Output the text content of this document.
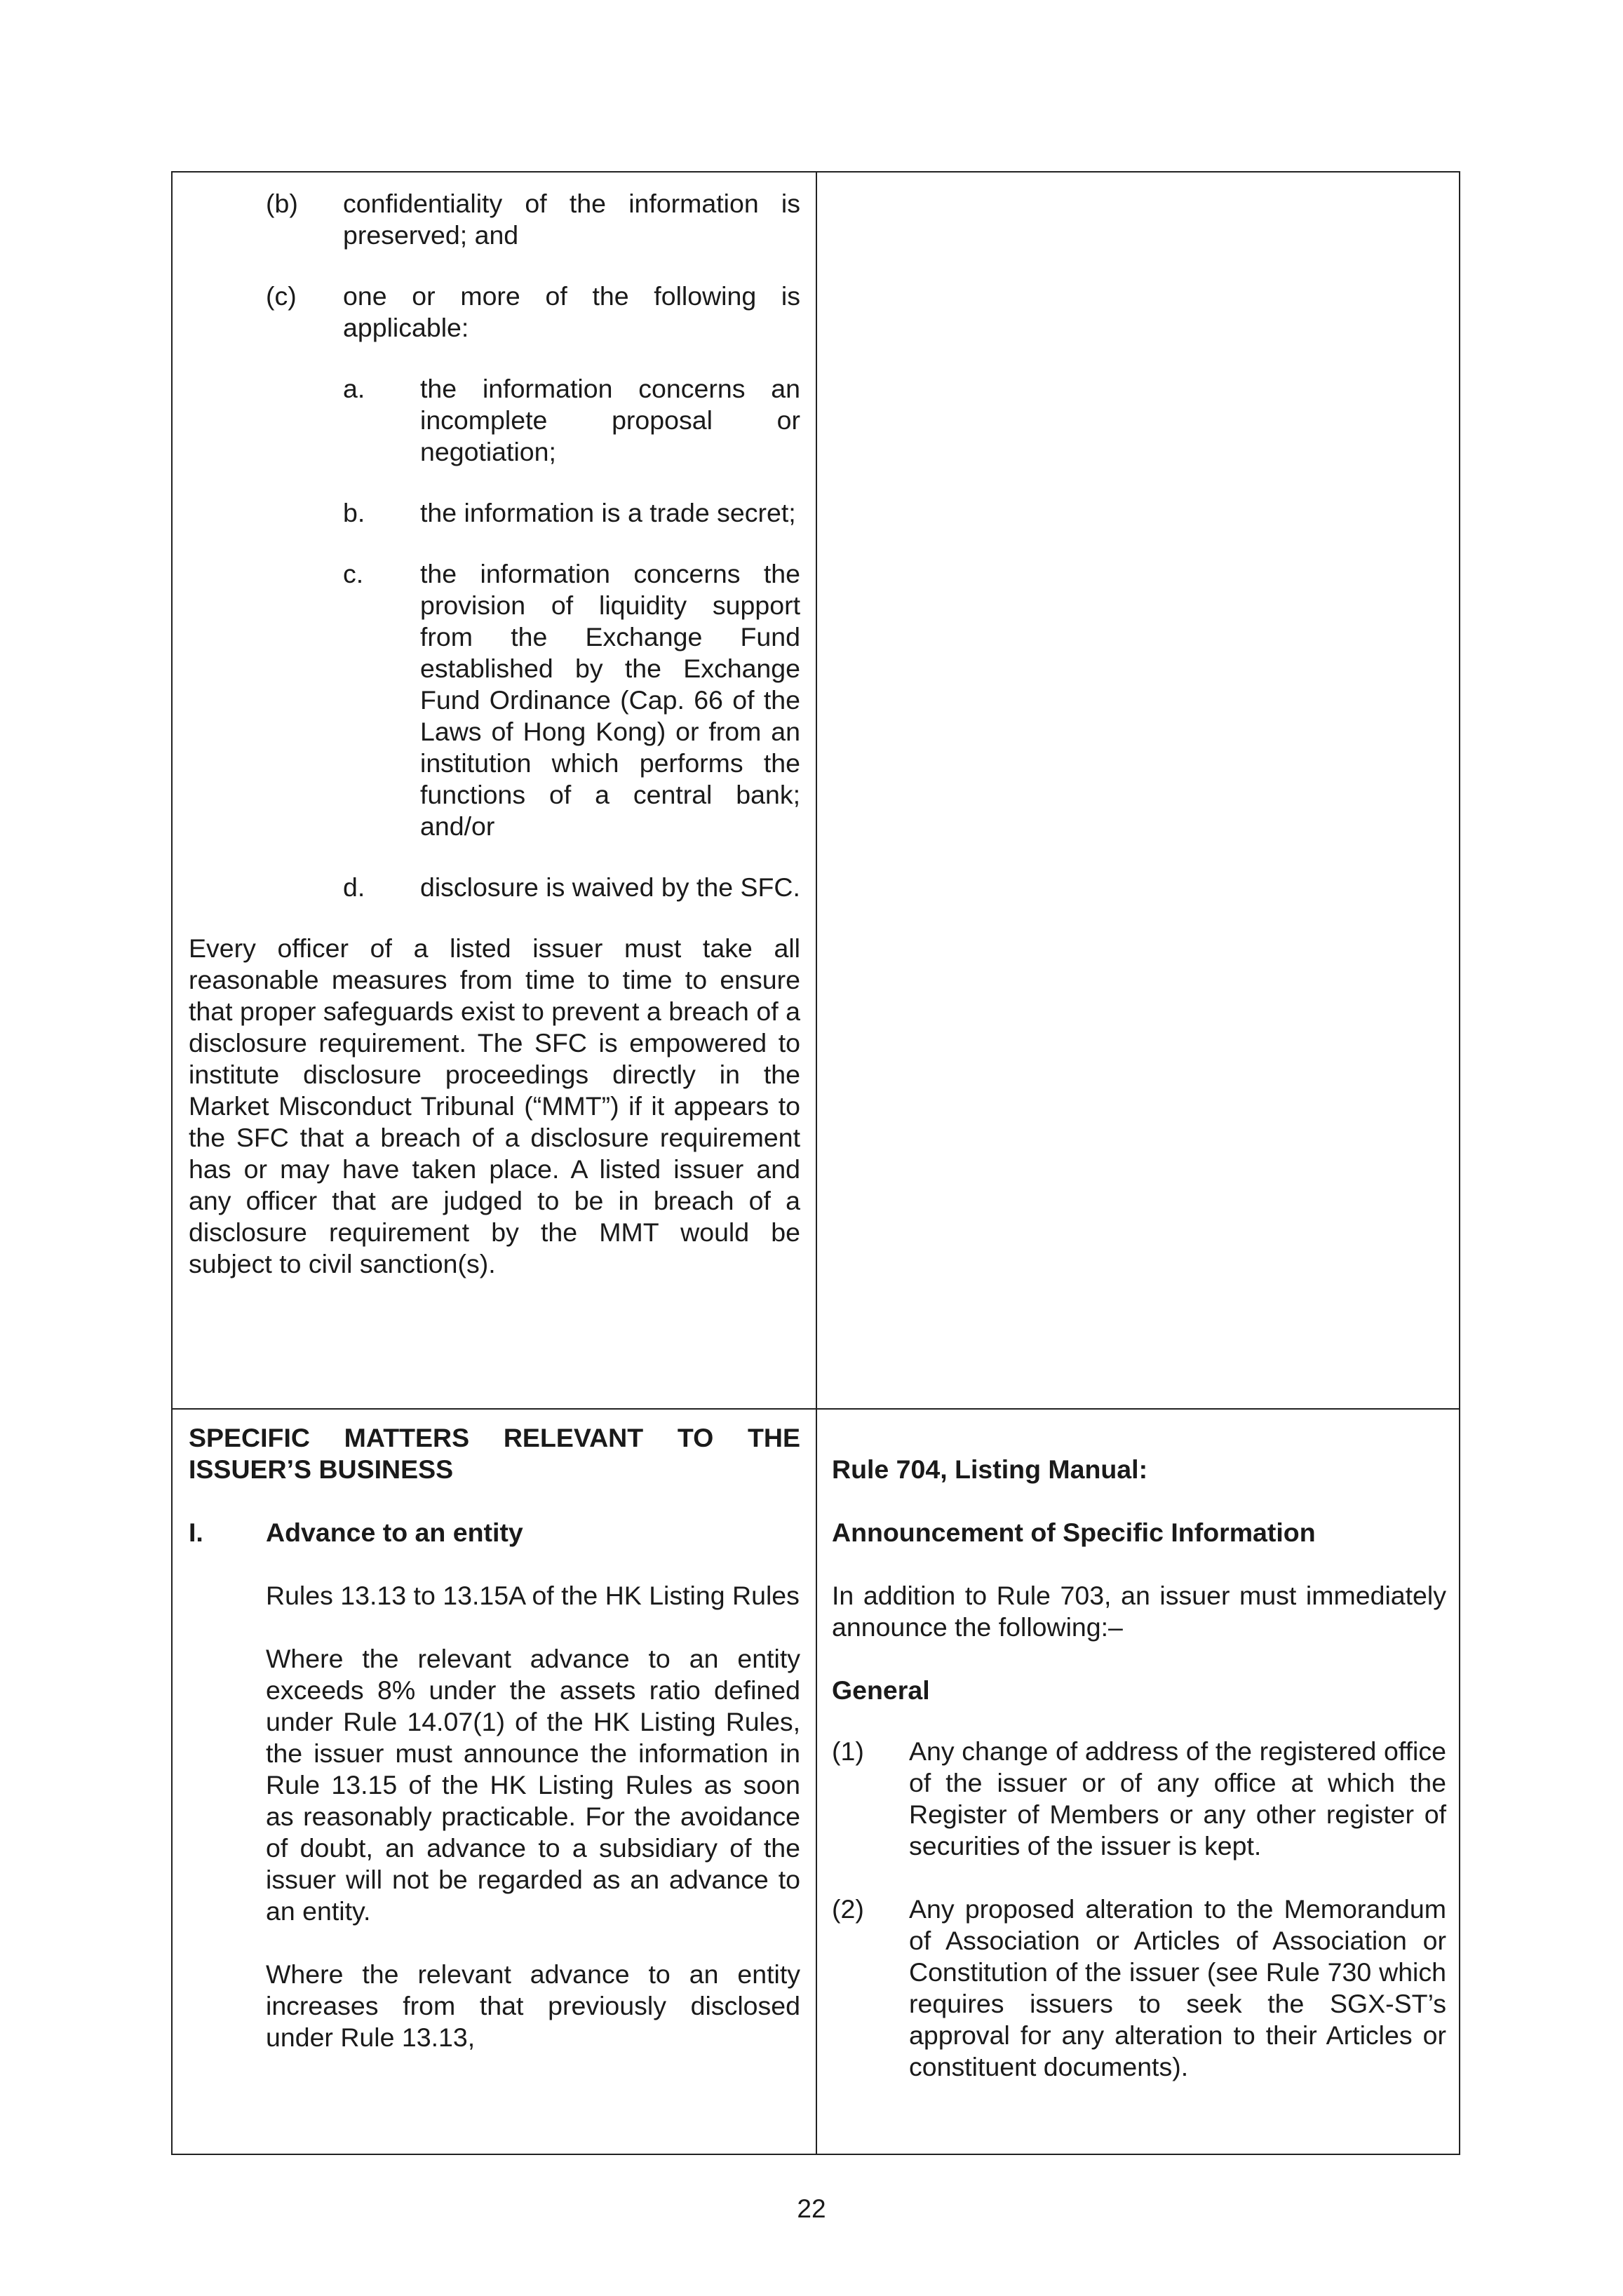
(b)	confidentiality of the information is preserved; and
(c)	one or more of the following is applicable:
a.	the information concerns an incomplete proposal or negotiation;
b.	the information is a trade secret;
c.	the information concerns the provision of liquidity support from the Exchange Fund established by the Exchange Fund Ordinance (Cap. 66 of the Laws of Hong Kong) or from an institution which performs the functions of a central bank; and/or
d.	disclosure is waived by the SFC.

Every officer of a listed issuer must take all reasonable measures from time to time to ensure that proper safeguards exist to prevent a breach of a disclosure requirement. The SFC is empowered to institute disclosure proceedings directly in the Market Misconduct Tribunal (“MMT”) if it appears to the SFC that a breach of a disclosure requirement has or may have taken place. A listed issuer and any officer that are judged to be in breach of a disclosure requirement by the MMT would be subject to civil sanction(s).

SPECIFIC MATTERS RELEVANT TO THE ISSUER’S BUSINESS

I.	Advance to an entity

Rules 13.13 to 13.15A of the HK Listing Rules

Where the relevant advance to an entity exceeds 8% under the assets ratio defined under Rule 14.07(1) of the HK Listing Rules, the issuer must announce the information in Rule 13.15 of the HK Listing Rules as soon as reasonably practicable. For the avoidance of doubt, an advance to a subsidiary of the issuer will not be regarded as an advance to an entity.

Where the relevant advance to an entity increases from that previously disclosed under Rule 13.13,

Rule 704, Listing Manual:

Announcement of Specific Information

In addition to Rule 703, an issuer must immediately announce the following:–

General

(1)	Any change of address of the registered office of the issuer or of any office at which the Register of Members or any other register of securities of the issuer is kept.
(2)	Any proposed alteration to the Memorandum of Association or Articles of Association or Constitution of the issuer (see Rule 730 which requires issuers to seek the SGX-ST’s approval for any alteration to their Articles or constituent documents).
22
